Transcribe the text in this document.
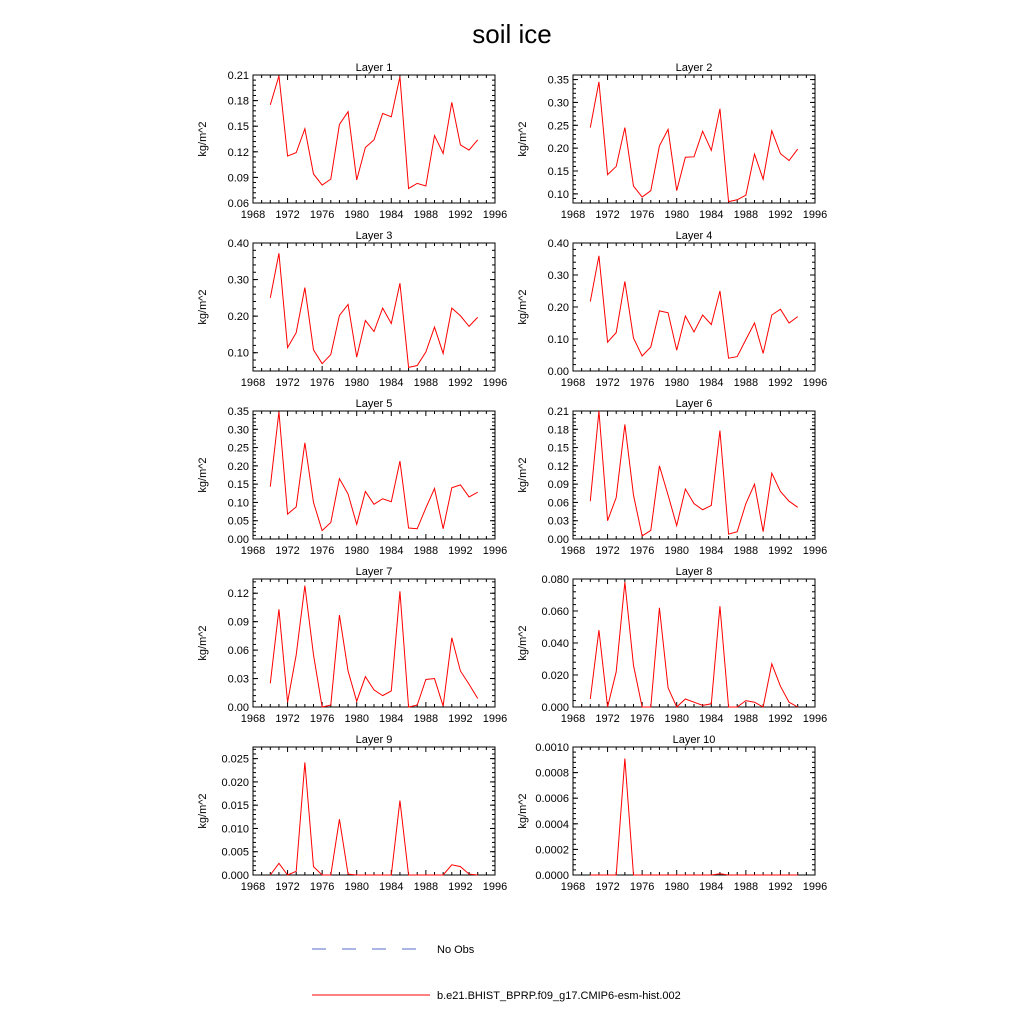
soil ice
Layer 1
1968 1972 1976 1980 1984 1988 1992 1996
0.06
0.09
0.12
0.15
0.18
0.21
kg/m^2
Layer 2
1968 1972 1976 1980 1984 1988 1992 1996
0.10
0.15
0.20
0.25
0.30
0.35
kg/m^2
Layer 3
1968 1972 1976 1980 1984 1988 1992 1996
0.10
0.20
0.30
0.40
kg/m^2
Layer 4
1968 1972 1976 1980 1984 1988 1992 1996
0.00
0.10
0.20
0.30
0.40
kg/m^2
Layer 5
1968 1972 1976 1980 1984 1988 1992 1996
0.00
0.05
0.10
0.15
0.20
0.25
0.30
0.35
kg/m^2
Layer 6
1968 1972 1976 1980 1984 1988 1992 1996
0.00
0.03
0.06
0.09
0.12
0.15
0.18
0.21
kg/m^2
Layer 7
1968 1972 1976 1980 1984 1988 1992 1996
0.00
0.03
0.06
0.09
0.12
kg/m^2
Layer 8
1968 1972 1976 1980 1984 1988 1992 1996
0.000
0.020
0.040
0.060
0.080
kg/m^2
Layer 9
1968 1972 1976 1980 1984 1988 1992 1996
0.000
0.005
0.010
0.015
0.020
0.025
kg/m^2
Layer 10
1968 1972 1976 1980 1984 1988 1992 1996
0.0000
0.0002
0.0004
0.0006
0.0008
0.0010
kg/m^2
No Obs
b.e21.BHIST_BPRP.f09_g17.CMIP6-esm-hist.002
